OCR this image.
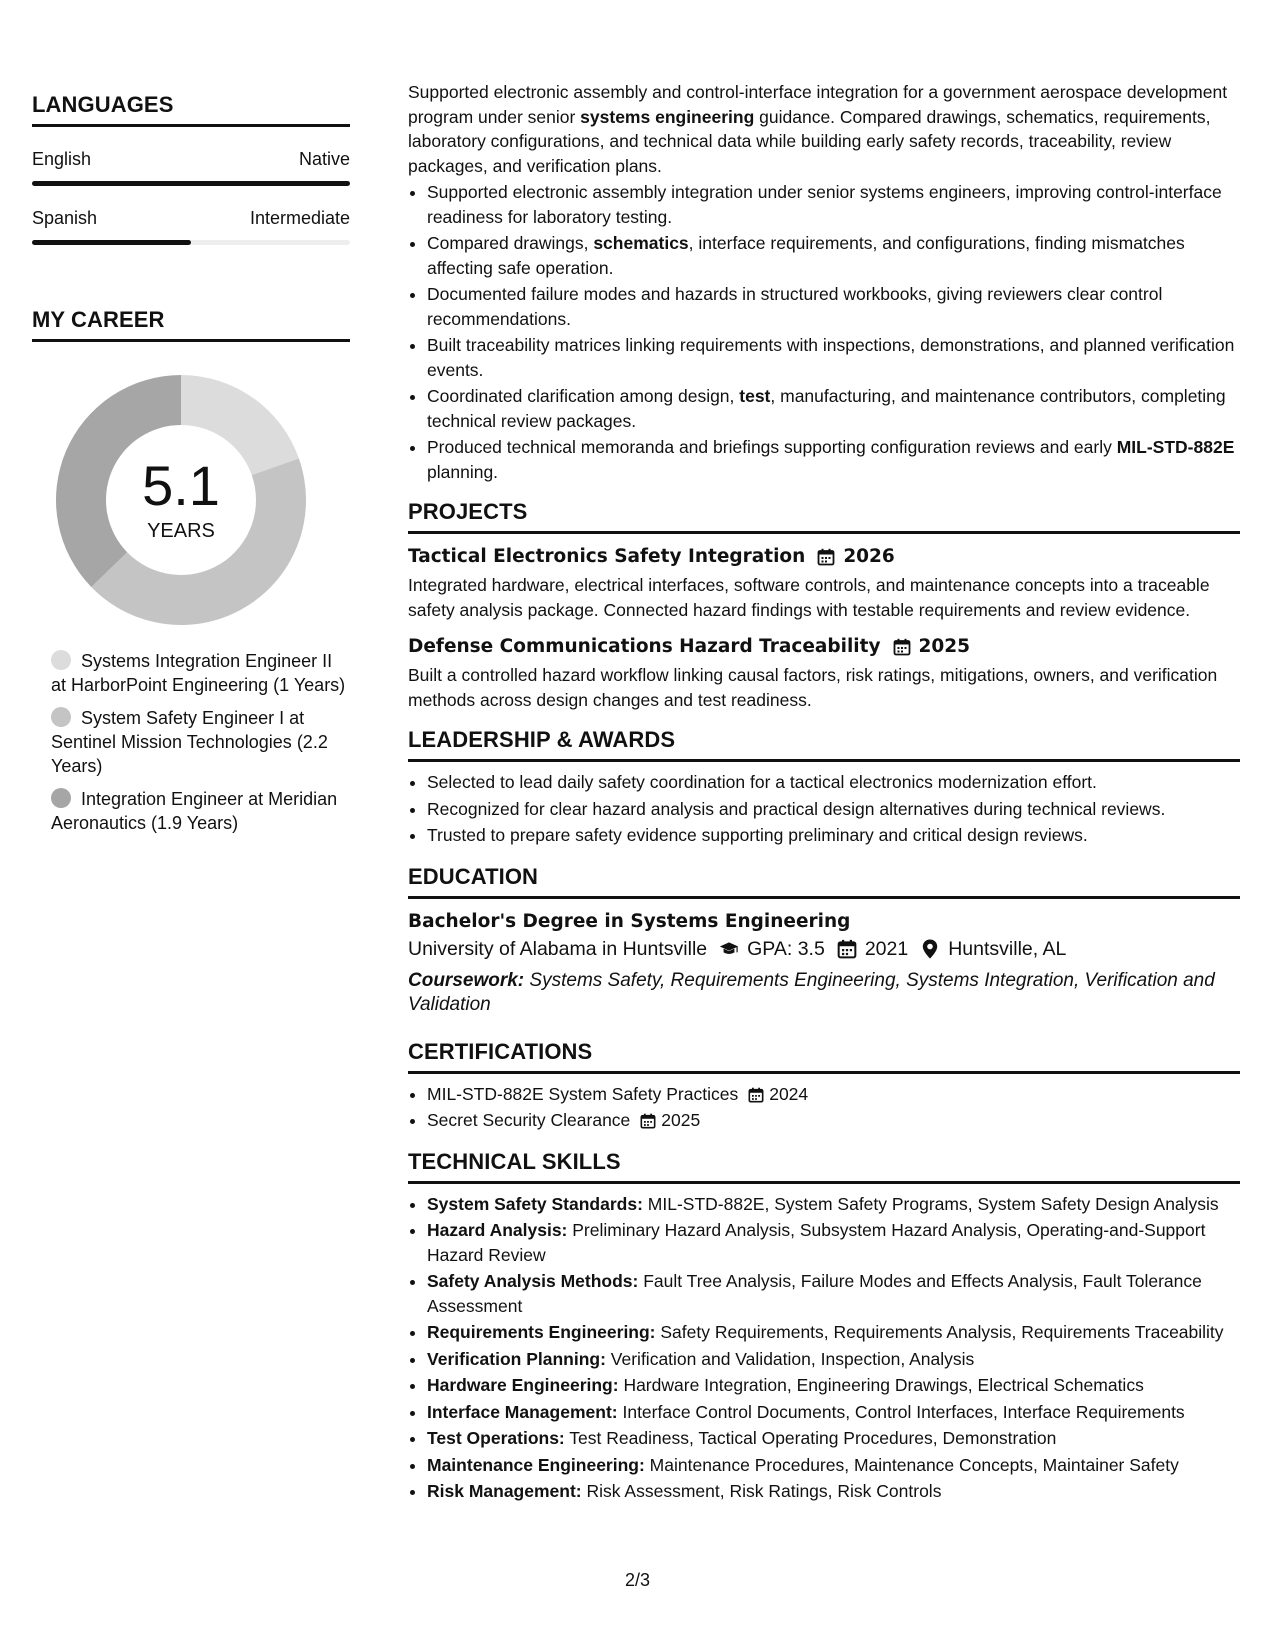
LANGUAGES
English	Native
Spanish	Intermediate
MY CAREER
5.1
YEARS
Systems Integration Engineer II at HarborPoint Engineering (1 Years)
System Safety Engineer I at Sentinel Mission Technologies (2.2 Years)
Integration Engineer at Meridian Aeronautics (1.9 Years)
Supported electronic assembly and control-interface integration for a government aerospace development program under senior systems engineering guidance. Compared drawings, schematics, requirements, laboratory configurations, and technical data while building early safety records, traceability, review packages, and verification plans.
• Supported electronic assembly integration under senior systems engineers, improving control-interface readiness for laboratory testing.
• Compared drawings, schematics, interface requirements, and configurations, finding mismatches affecting safe operation.
• Documented failure modes and hazards in structured workbooks, giving reviewers clear control recommendations.
• Built traceability matrices linking requirements with inspections, demonstrations, and planned verification events.
• Coordinated clarification among design, test, manufacturing, and maintenance contributors, completing technical review packages.
• Produced technical memoranda and briefings supporting configuration reviews and early MIL-STD-882E planning.
PROJECTS
Tactical Electronics Safety Integration 2026
Integrated hardware, electrical interfaces, software controls, and maintenance concepts into a traceable safety analysis package. Connected hazard findings with testable requirements and review evidence.
Defense Communications Hazard Traceability 2025
Built a controlled hazard workflow linking causal factors, risk ratings, mitigations, owners, and verification methods across design changes and test readiness.
LEADERSHIP & AWARDS
• Selected to lead daily safety coordination for a tactical electronics modernization effort.
• Recognized for clear hazard analysis and practical design alternatives during technical reviews.
• Trusted to prepare safety evidence supporting preliminary and critical design reviews.
EDUCATION
Bachelor's Degree in Systems Engineering
University of Alabama in Huntsville GPA: 3.5 2021 Huntsville, AL
Coursework: Systems Safety, Requirements Engineering, Systems Integration, Verification and Validation
CERTIFICATIONS
• MIL-STD-882E System Safety Practices 2024
• Secret Security Clearance 2025
TECHNICAL SKILLS
• System Safety Standards: MIL-STD-882E, System Safety Programs, System Safety Design Analysis
• Hazard Analysis: Preliminary Hazard Analysis, Subsystem Hazard Analysis, Operating-and-Support Hazard Review
• Safety Analysis Methods: Fault Tree Analysis, Failure Modes and Effects Analysis, Fault Tolerance Assessment
• Requirements Engineering: Safety Requirements, Requirements Analysis, Requirements Traceability
• Verification Planning: Verification and Validation, Inspection, Analysis
• Hardware Engineering: Hardware Integration, Engineering Drawings, Electrical Schematics
• Interface Management: Interface Control Documents, Control Interfaces, Interface Requirements
• Test Operations: Test Readiness, Tactical Operating Procedures, Demonstration
• Maintenance Engineering: Maintenance Procedures, Maintenance Concepts, Maintainer Safety
• Risk Management: Risk Assessment, Risk Ratings, Risk Controls
2/3
